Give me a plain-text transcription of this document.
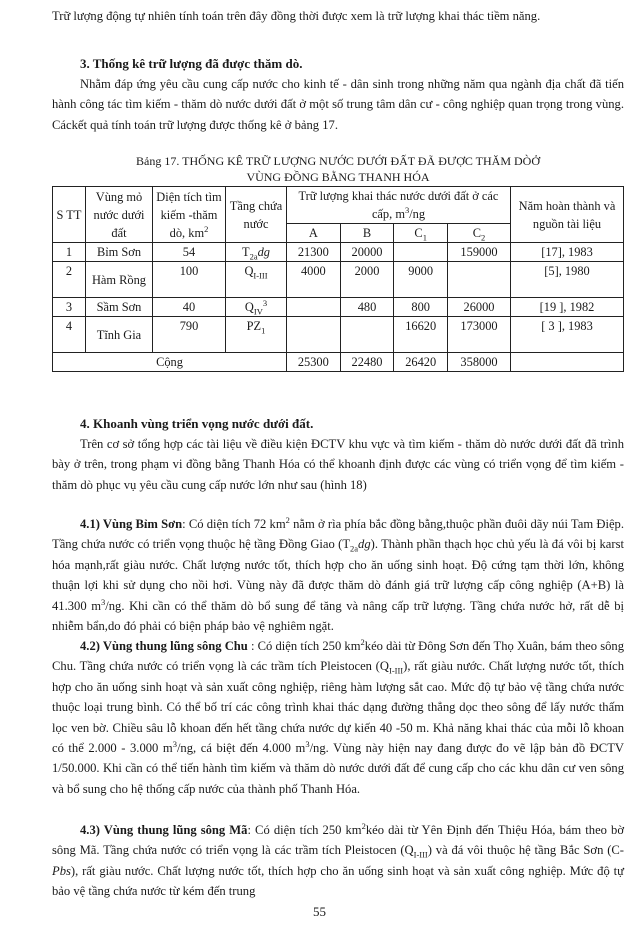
Trữ lượng động tự nhiên tính toán trên đây đồng thời được xem là trữ lượng khai thác tiềm năng.

3. Thống kê trữ lượng đã được thăm dò.

Nhằm đáp ứng yêu cầu cung cấp nước cho kinh tế - dân sinh trong những năm qua ngành địa chất đã tiến hành công tác tìm kiếm - thăm dò nước dưới đất ở một số trung tâm dân cư - công nghiệp quan trọng trong vùng. Cáckết quả tính toán trữ lượng được thống kê ở bảng 17.

Bảng 17. THỐNG KÊ TRỮ LƯỢNG NƯỚC DƯỚI ĐẤT ĐÃ ĐƯỢC THĂM DÒỞ

VÙNG ĐỒNG BẰNG THANH HÓA

S TT	Vùng mỏ nước dưới đất	Diện tích tìm kiếm -thăm dò, $km^2$	Tầng chứa nước	Trữ lượng khai thác nước dưới đất ở các cấp, $m^3/ng$				Năm hoàn thành và nguồn tài liệu
				A	B	$C_1$	$C_2$
1	Bỉm Sơn	54	$T_{2a}dg$	21300	20000		159000	[17], 1983
2	Hàm Rồng	100	$Q_{I-III}$	4000	2000	9000		[5], 1980
3	Sầm Sơn	40	$Q_{IV}^3$		480	800	26000	[19 ], 1982
4	Tĩnh Gia	790	$PZ_1$			16620	173000	[ 3 ], 1983
Cộng				25300	22480	26420	358000	

4. Khoanh vùng triển vọng nước dưới đất.

Trên cơ sở tổng hợp các tài liệu về điều kiện ĐCTV khu vực và tìm kiếm - thăm dò nước dưới đất đã trình bày ở trên, trong phạm vi đồng bằng Thanh Hóa có thể khoanh định được các vùng có triển vọng để tìm kiếm - thăm dò phục vụ yêu cầu cung cấp nước lớn như sau (hình 18)

4.1) Vùng Bỉm Sơn: Có diện tích 72 $km^2$ nằm ở rìa phía bắc đồng bằng,thuộc phần đuôi dãy núi Tam Điệp. Tầng chứa nước có triển vọng thuộc hệ tầng Đồng Giao $(T_{2a}dg)$. Thành phần thạch học chủ yếu là đá vôi bị karst hóa mạnh,rất giàu nước. Chất lượng nước tốt, thích hợp cho ăn uống sinh hoạt. Độ cứng tạm thời lớn, không thuận lợi khi sử dụng cho nồi hơi. Vùng này đã được thăm dò đánh giá trữ lượng cấp công nghiệp (A+B) là 41.300 $m^3/ng$. Khi cần có thể thăm dò bổ sung để tăng và nâng cấp trữ lượng. Tầng chứa nước hở, rất dễ bị nhiễm bẩn,do đó phải có biện pháp bảo vệ nghiêm ngặt.

4.2) Vùng thung lũng sông Chu : Có diện tích 250 $km^2kéo$ dài từ Đông Sơn đến Thọ Xuân, bám theo sông Chu. Tầng chứa nước có triển vọng là các trầm tích Pleistocen $(Q_{I-III})$, rất giàu nước. Chất lượng nước tốt, thích hợp cho ăn uống sinh hoạt và sản xuất công nghiệp, riêng hàm lượng sắt cao. Mức độ tự bảo vệ tầng chứa nước thuộc loại trung bình. Có thể bố trí các công trình khai thác dạng đường thẳng dọc theo sông để lấy nước thấm lọc ven bờ. Chiều sâu lỗ khoan đến hết tầng chứa nước dự kiến 40 -50 m. Khả năng khai thác của mỗi lỗ khoan có thể 2.000 - 3.000 $m^3/ng$, cá biệt đến 4.000 $m^3/ng$. Vùng này hiện nay đang được đo vẽ lập bản đồ ĐCTV 1/50.000. Khi cần có thể tiến hành tìm kiếm và thăm dò nước dưới đất để cung cấp cho các khu dân cư ven sông và bổ sung cho hệ thống cấp nước của thành phố Thanh Hóa.

4.3) Vùng thung lũng sông Mã: Có diện tích 250 $km^2kéo$ dài từ Yên Định đến Thiệu Hóa, bám theo bờ sông Mã. Tầng chứa nước có triển vọng là các trầm tích Pleistocen $(Q_{I-III})$ và đá vôi thuộc hệ tầng Bắc Sơn (C-Pbs), rất giàu nước. Chất lượng nước tốt, thích hợp cho ăn uống sinh hoạt và sản xuất công nghiệp. Mức độ tự bảo vệ tầng chứa nước từ kém đến trung

55
